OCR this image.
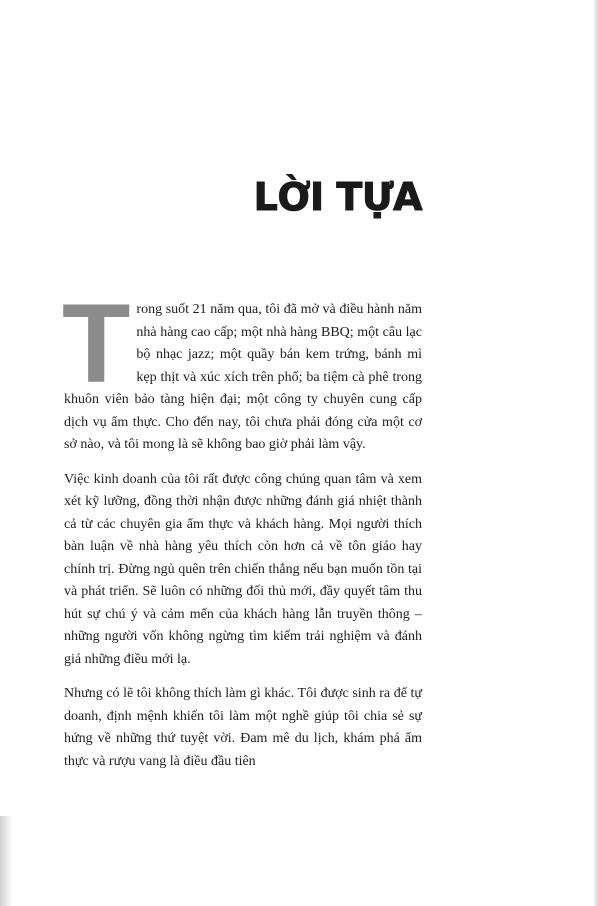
LỜI TỰA

Trong suốt 21 năm qua, tôi đã mở và điều hành năm nhà hàng cao cấp; một nhà hàng BBQ; một câu lạc bộ nhạc jazz; một quầy bán kem trứng, bánh mì kẹp thịt và xúc xích trên phố; ba tiệm cà phê trong khuôn viên bảo tàng hiện đại; một công ty chuyên cung cấp dịch vụ ẩm thực. Cho đến nay, tôi chưa phải đóng cửa một cơ sở nào, và tôi mong là sẽ không bao giờ phải làm vậy.

Việc kinh doanh của tôi rất được công chúng quan tâm và xem xét kỹ lưỡng, đồng thời nhận được những đánh giá nhiệt thành cả từ các chuyên gia ẩm thực và khách hàng. Mọi người thích bàn luận về nhà hàng yêu thích còn hơn cả về tôn giáo hay chính trị. Đừng ngủ quên trên chiến thắng nếu bạn muốn tồn tại và phát triển. Sẽ luôn có những đối thủ mới, đầy quyết tâm thu hút sự chú ý và cảm mến của khách hàng lẫn truyền thông – những người vốn không ngừng tìm kiếm trải nghiệm và đánh giá những điều mới lạ.

Nhưng có lẽ tôi không thích làm gì khác. Tôi được sinh ra để tự doanh, định mệnh khiến tôi làm một nghề giúp tôi chia sẻ sự hứng về những thứ tuyệt vời. Đam mê du lịch, khám phá ẩm thực và rượu vang là điều đầu tiên
